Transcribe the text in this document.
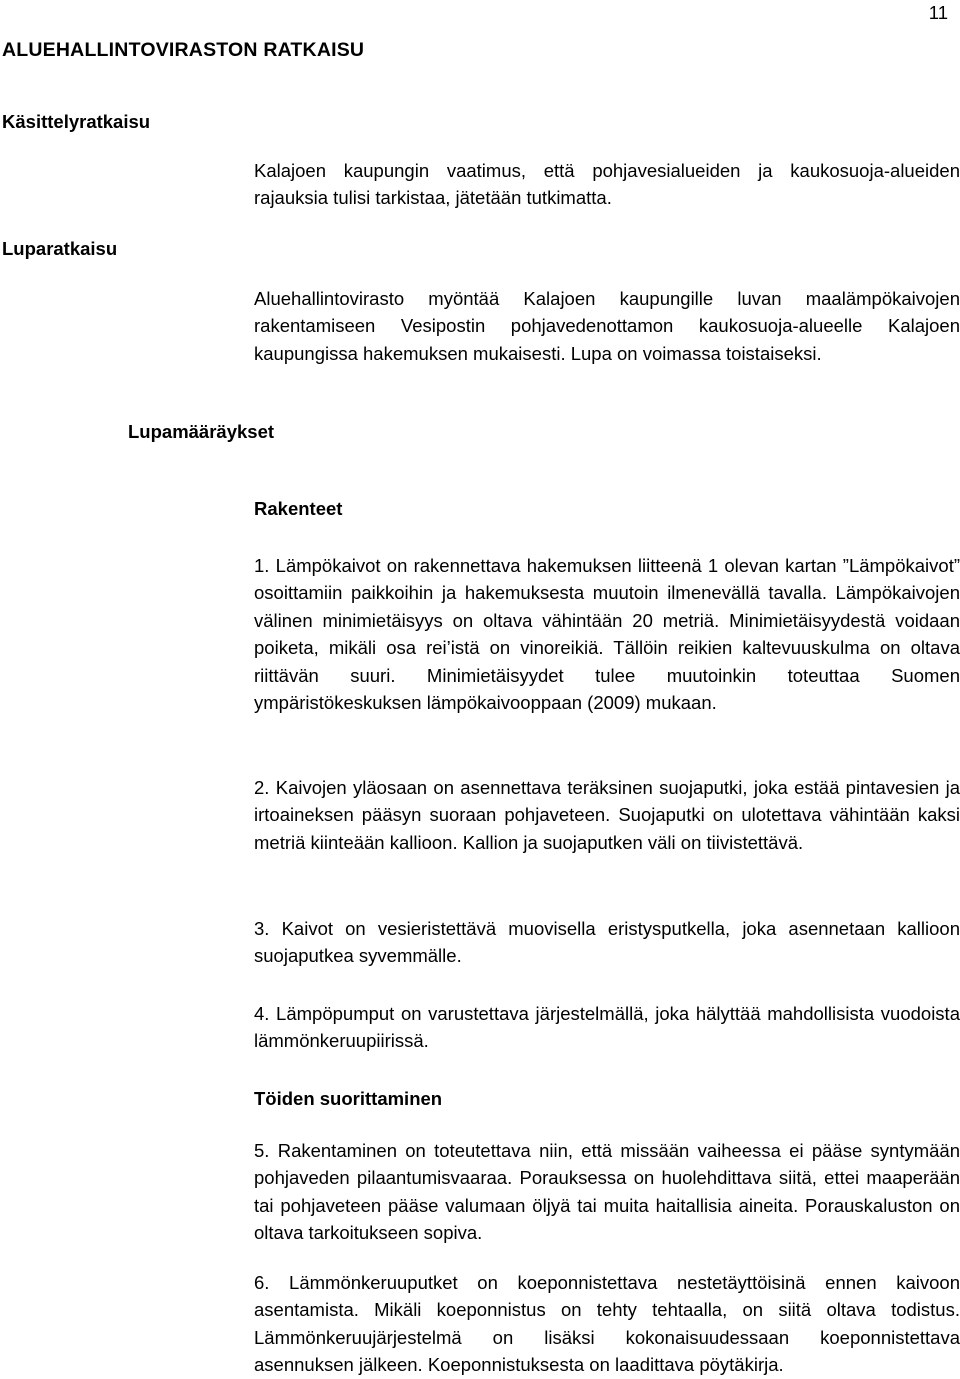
11
ALUEHALLINTOVIRASTON RATKAISU
Käsittelyratkaisu

Kalajoen kaupungin vaatimus, että pohjavesialueiden ja kaukosuoja-alueiden rajauksia tulisi tarkistaa, jätetään tutkimatta.

Luparatkaisu

Aluehallintovirasto myöntää Kalajoen kaupungille luvan maalämpökaivojen rakentamiseen Vesipostin pohjavedenottamon kaukosuoja-alueelle Kalajoen kaupungissa hakemuksen mukaisesti. Lupa on voimassa toistaiseksi.

Lupamääräykset
Rakenteet

1. Lämpökaivot on rakennettava hakemuksen liitteenä 1 olevan kartan ”Lämpökaivot” osoittamiin paikkoihin ja hakemuksesta muutoin ilmenevällä tavalla. Lämpökaivojen välinen minimietäisyys on oltava vähintään 20 metriä. Minimietäisyydestä voidaan poiketa, mikäli osa rei’istä on vinoreikiä. Tällöin reikien kaltevuuskulma on oltava riittävän suuri. Minimietäisyydet tulee muutoinkin toteuttaa Suomen ympäristökeskuksen lämpökaivooppaan (2009) mukaan.

2. Kaivojen yläosaan on asennettava teräksinen suojaputki, joka estää pintavesien ja irtoaineksen pääsyn suoraan pohjaveteen. Suojaputki on ulotettava vähintään kaksi metriä kiinteään kallioon. Kallion ja suojaputken väli on tiivistettävä.

3. Kaivot on vesieristettävä muovisella eristysputkella, joka asennetaan kallioon suojaputkea syvemmälle.

4. Lämpöpumput on varustettava järjestelmällä, joka hälyttää mahdollisista vuodoista lämmönkeruupiirissä.

Töiden suorittaminen

5. Rakentaminen on toteutettava niin, että missään vaiheessa ei pääse syntymään pohjaveden pilaantumisvaaraa. Porauksessa on huolehdittava siitä, ettei maaperään tai pohjaveteen pääse valumaan öljyä tai muita haitallisia aineita. Porauskaluston on oltava tarkoitukseen sopiva.

6. Lämmönkeruuputket on koeponnistettava nestetäyttöisinä ennen kaivoon asentamista. Mikäli koeponnistus on tehty tehtaalla, on siitä oltava todistus. Lämmönkeruujärjestelmä on lisäksi kokonaisuudessaan koeponnistettava asennuksen jälkeen. Koeponnistuksesta on laadittava pöytäkirja.
